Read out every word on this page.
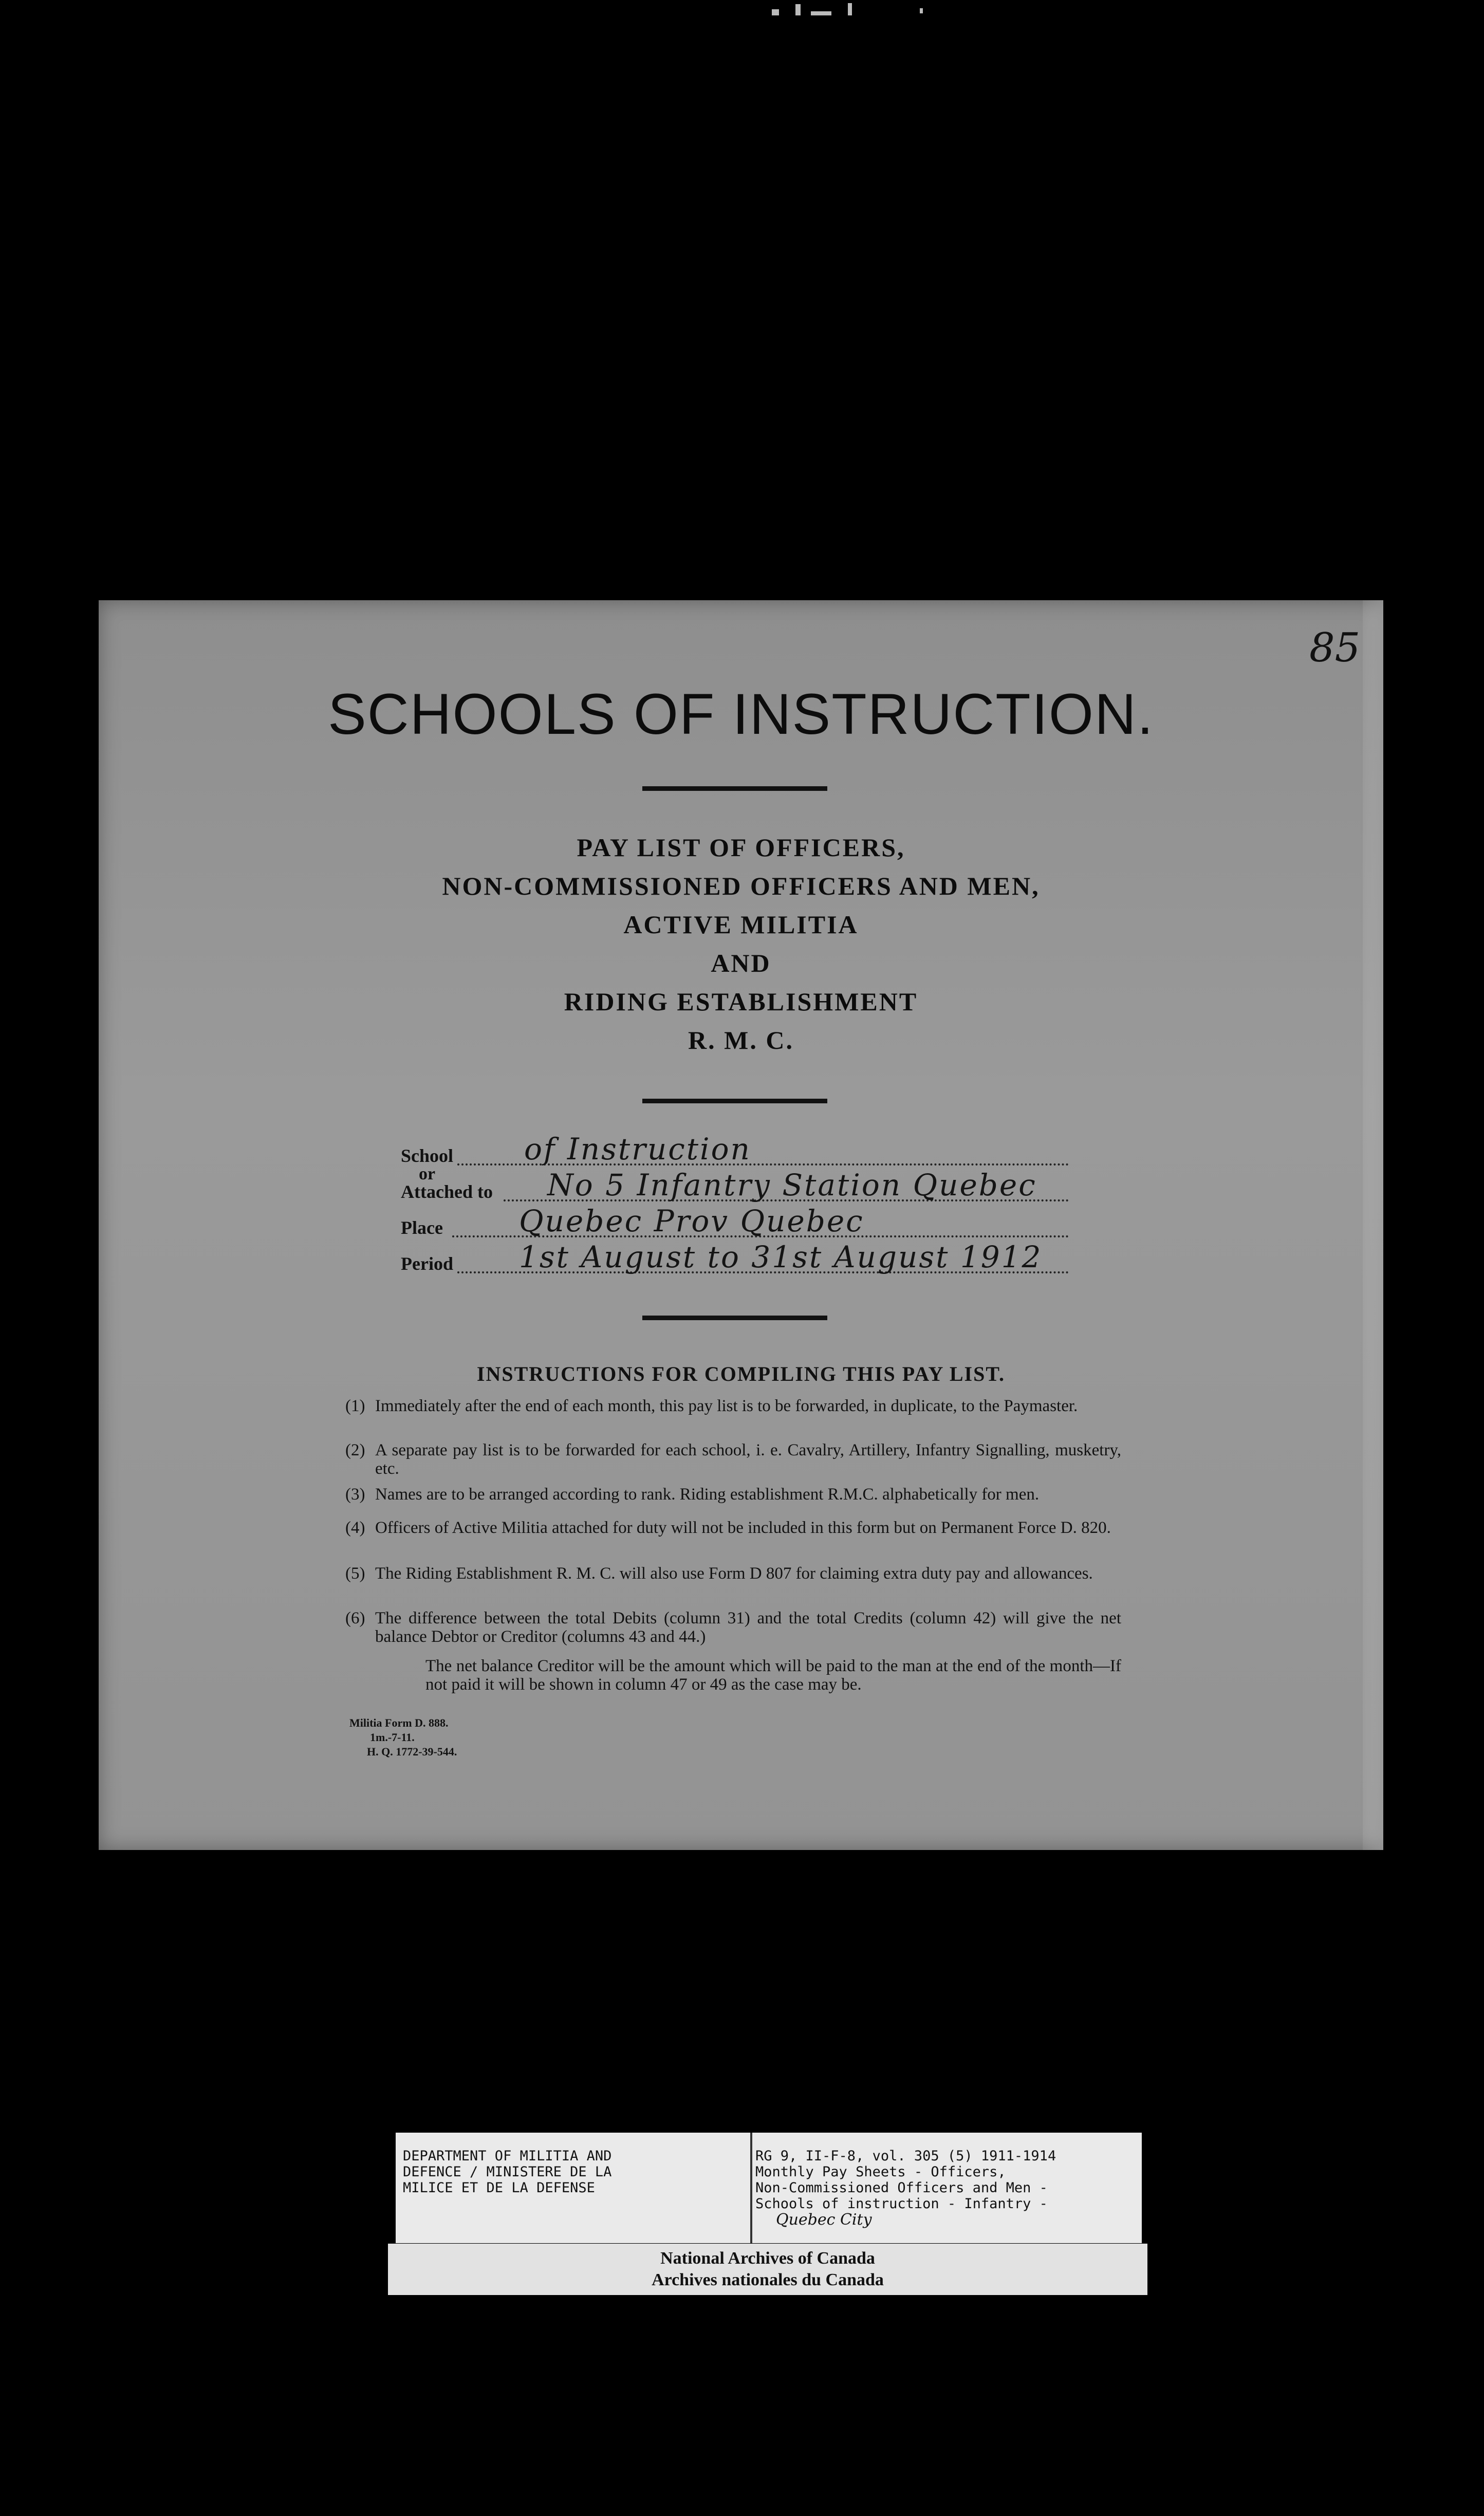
85
SCHOOLS OF INSTRUCTION.
PAY LIST OF OFFICERS,
NON-COMMISSIONED OFFICERS AND MEN,
ACTIVE MILITIA
AND
RIDING ESTABLISHMENT
R. M. C.
School of Instruction
or
Attached to No 5 Infantry Station Quebec
Place	Quebec Prov Quebec
Period 1st August to 31st August 1912
INSTRUCTIONS FOR COMPILING THIS PAY LIST.
(1) Immediately after the end of each month, this pay list is to be forwarded, in duplicate, to the Paymaster.
(2) A separate pay list is to be forwarded for each school, i. e. Cavalry, Artillery, Infantry Signalling, musketry, etc.
(3) Names are to be arranged according to rank. Riding establishment R.M.C. alphabetically for men.
(4) Officers of Active Militia attached for duty will not be included in this form but on Permanent Force D. 820.
(5) The Riding Establishment R. M. C. will also use Form D 807 for claiming extra duty pay and allowances.
(6) The difference between the total Debits (column 31) and the total Credits (column 42) will give the net balance Debtor or Creditor (columns 43 and 44.)
The net balance Creditor will be the amount which will be paid to the man at the end of the month—If not paid it will be shown in column 47 or 49 as the case may be.
Militia Form D. 888.
1m.-7-11.
H. Q. 1772-39-544.
DEPARTMENT OF MILITIA AND
DEFENCE / MINISTERE DE LA
MILICE ET DE LA DEFENSE
RG 9, II-F-8, vol. 305 (5) 1911-1914
Monthly Pay Sheets - Officers,
Non-Commissioned Officers and Men -
Schools of instruction - Infantry -
Quebec City
National Archives of Canada
Archives nationales du Canada
